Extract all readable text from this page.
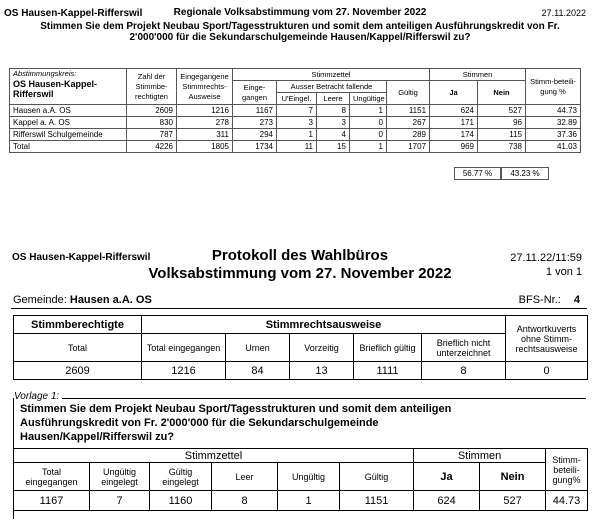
OS Hausen-Kappel-Rifferswil	Regionale Volksabstimmung vom 27. November 2022	27.11.2022
Stimmen Sie dem Projekt Neubau Sport/Tagesstrukturen und somit dem anteiligen Ausführungskredit von Fr. 2'000'000 für die Sekundarschulgemeinde Hausen/Kappel/Rifferswil zu?
Abstimmungskreis:
OS Hausen-Kappel-Rifferswil	Zahl der Stimmbe-rechtigten	Eingegangene Stimmrechts-Ausweise	Stimmzettel					Stimmen		Stimm-beteili-gung %
			Einge-gangen	Ausser Betracht fallende			Gültig	Ja	Nein	
				U'Eingel.	Leere	Ungültige				
Hausen a.A. OS	2609	1216	1167	7	8	1	1151	624	527	44.73
Kappel a. A. OS	830	278	273	3	3	0	267	171	96	32.89
Rifferswil Schulgemeinde	787	311	294	1	4	0	289	174	115	37.36
Total	4226	1805	1734	11	15	1	1707	969	738	41.03
56.77 %	43.23 %
OS Hausen-Kappel-Rifferswil	Protokoll des Wahlbüros
Volksabstimmung vom 27. November 2022
27.11.22/11:59
1 von 1
Gemeinde: Hausen a.A. OS	BFS-Nr.: 4
Stimmberechtigte	Stimmrechtsausweise					Antwortkuverts ohne Stimm-rechtsausweise
Total	Total eingegangen	Urnen	Vorzeitig	Brieflich gültig	Brieflich nicht unterzeichnet	
2609	1216	84	13	1111	8	0
Vorlage 1:
Stimmen Sie dem Projekt Neubau Sport/Tagesstrukturen und somit dem anteiligen Ausführungskredit von Fr. 2'000'000 für die Sekundarschulgemeinde Hausen/Kappel/Rifferswil zu?
Stimmzettel						Stimmen		Stimm-beteili-gung%
Total eingegangen	Ungültig eingelegt	Gültig eingelegt	Leer	Ungültig	Gültig	Ja	Nein	
1167	7	1160	8	1	1151	624	527	44.73
